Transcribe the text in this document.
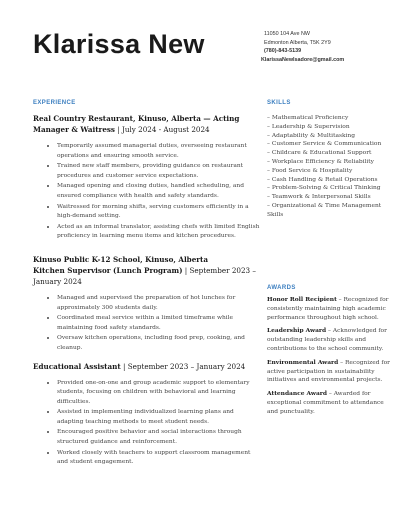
Klarissa New	11050 104 Ave NW
Edmonton Alberta, T5K 2Y9
(780)-843-5139
KlarissaNewlsadore@gmail.com
EXPERIENCE	SKILLS
AWARDS
Real Country Restaurant, Kinuso, Alberta — Acting Manager & Waitress | July 2024 - August 2024
• Temporarily assumed managerial duties, overseeing restaurant operations and ensuring smooth service.
• Trained new staff members, providing guidance on restaurant procedures and customer service expectations.
• Managed opening and closing duties, handled scheduling, and ensured compliance with health and safety standards.
• Waitressed for morning shifts, serving customers efficiently in a high-demand setting.
• Acted as an informal translator, assisting chefs with limited English proficiency in learning menu items and kitchen procedures.
Kinuso Public K-12 School, Kinuso, Alberta
Kitchen Supervisor (Lunch Program) | September 2023 – January 2024
• Managed and supervised the preparation of hot lunches for approximately 300 students daily.
• Coordinated meal service within a limited timeframe while maintaining food safety standards.
• Oversaw kitchen operations, including food prep, cooking, and cleanup.
Educational Assistant | September 2023 – January 2024
• Provided one-on-one and group academic support to elementary students, focusing on children with behavioral and learning difficulties.
• Assisted in implementing individualized learning plans and adapting teaching methods to meet student needs.
• Encouraged positive behavior and social interactions through structured guidance and reinforcement.
• Worked closely with teachers to support classroom management and student engagement.
– Mathematical Proficiency
– Leadership & Supervision
– Adaptability & Multitasking
– Customer Service & Communication
– Childcare & Educational Support
– Workplace Efficiency & Reliability
– Food Service & Hospitality
– Cash Handling & Retail Operations
– Problem-Solving & Critical Thinking
– Teamwork & Interpersonal Skills
– Organizational & Time Management Skills
Honor Roll Recipient – Recognized for consistently maintaining high academic performance throughout high school.
Leadership Award – Acknowledged for outstanding leadership skills and contributions to the school community.
Environmental Award – Recognized for active participation in sustainability initiatives and environmental projects.
Attendance Award – Awarded for exceptional commitment to attendance and punctuality.
